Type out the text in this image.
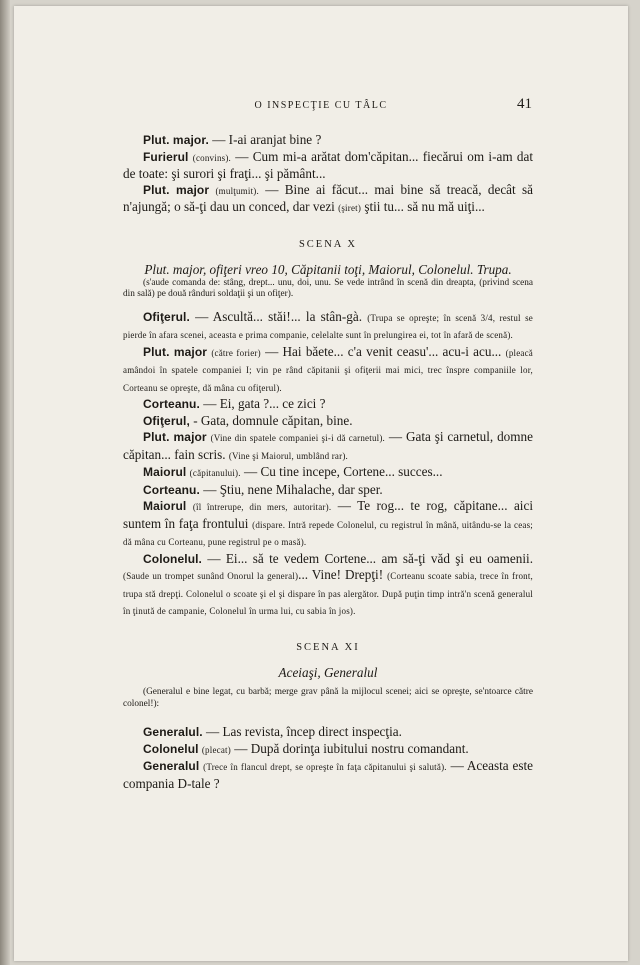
O INSPECŢIE CU TÂLC	41

Plut. major. — I-ai aranjat bine ?

Furierul (convins). — Cum mi-a arătat dom'căpitan... fiecărui om i-am dat de toate: şi surori şi fraţi... şi pământ...

Plut. major (mulţumit). — Bine ai făcut... mai bine să treacă, decât să n'ajungă; o să-ţi dau un conced, dar vezi (şiret) ştii tu... să nu mă uiţi...

SCENA X

Plut. major, ofiţeri vreo 10, Căpitanii toţi, Maiorul, Colonelul. Trupa.

(s'aude comanda de: stâng, drept... unu, doi, unu. Se vede intrând în scenă din dreapta, (privind scena din sală) pe două rânduri soldaţii şi un ofiţer).

Ofiţerul. — Ascultă... stăi!... la stân-gà. (Trupa se opreşte; în scenă 3/4, restul se pierde în afara scenei, aceasta e prima companie, celelalte sunt în prelungirea ei, tot în afară de scenă).

Plut. major (către forier) — Hai băete... c'a venit ceasu'... acu-i acu... (pleacă amândoi în spatele companiei I; vin pe rând căpitanii şi ofiţerii mai mici, trec înspre companiile lor, Corteanu se opreşte, dă mâna cu ofiţerul).

Corteanu. — Ei, gata ?... ce zici ?

Ofiţerul, - Gata, domnule căpitan, bine.

Plut. major (Vine din spatele companiei şi-i dă carnetul). — Gata şi carnetul, domne căpitan... fain scris. (Vine şi Maiorul, umblând rar).

Maiorul (căpitanului). — Cu tine incepe, Cortene... succes...

Corteanu. — Ştiu, nene Mihalache, dar sper.

Maiorul (îl întrerupe, din mers, autoritar). — Te rog... te rog, căpitane... aici suntem în faţa frontului (dispare. Intră repede Colonelul, cu registrul în mână, uitându-se la ceas; dă mâna cu Corteanu, pune registrul pe o masă).

Colonelul. — Ei... să te vedem Cortene... am să-ţi văd şi eu oamenii. (Saude un trompet sunând Onorul la general)... Vine! Drepţi! (Corteanu scoate sabia, trece în front, trupa stă drepţi. Colonelul o scoate şi el şi dispare în pas alergător. După puţin timp intră'n scenă generalul în ţinută de campanie, Colonelul în urma lui, cu sabia în jos).

SCENA XI

Aceiaşi, Generalul

(Generalul e bine legat, cu barbă; merge grav până la mijlocul scenei; aici se opreşte, se'ntoarce către colonel!):

Generalul. — Las revista, încep direct inspecţia.

Colonelul (plecat) — După dorinţa iubitului nostru comandant.

Generalul (Trece în flancul drept, se opreşte în faţa căpitanului şi salută). — Aceasta este compania D-tale ?
